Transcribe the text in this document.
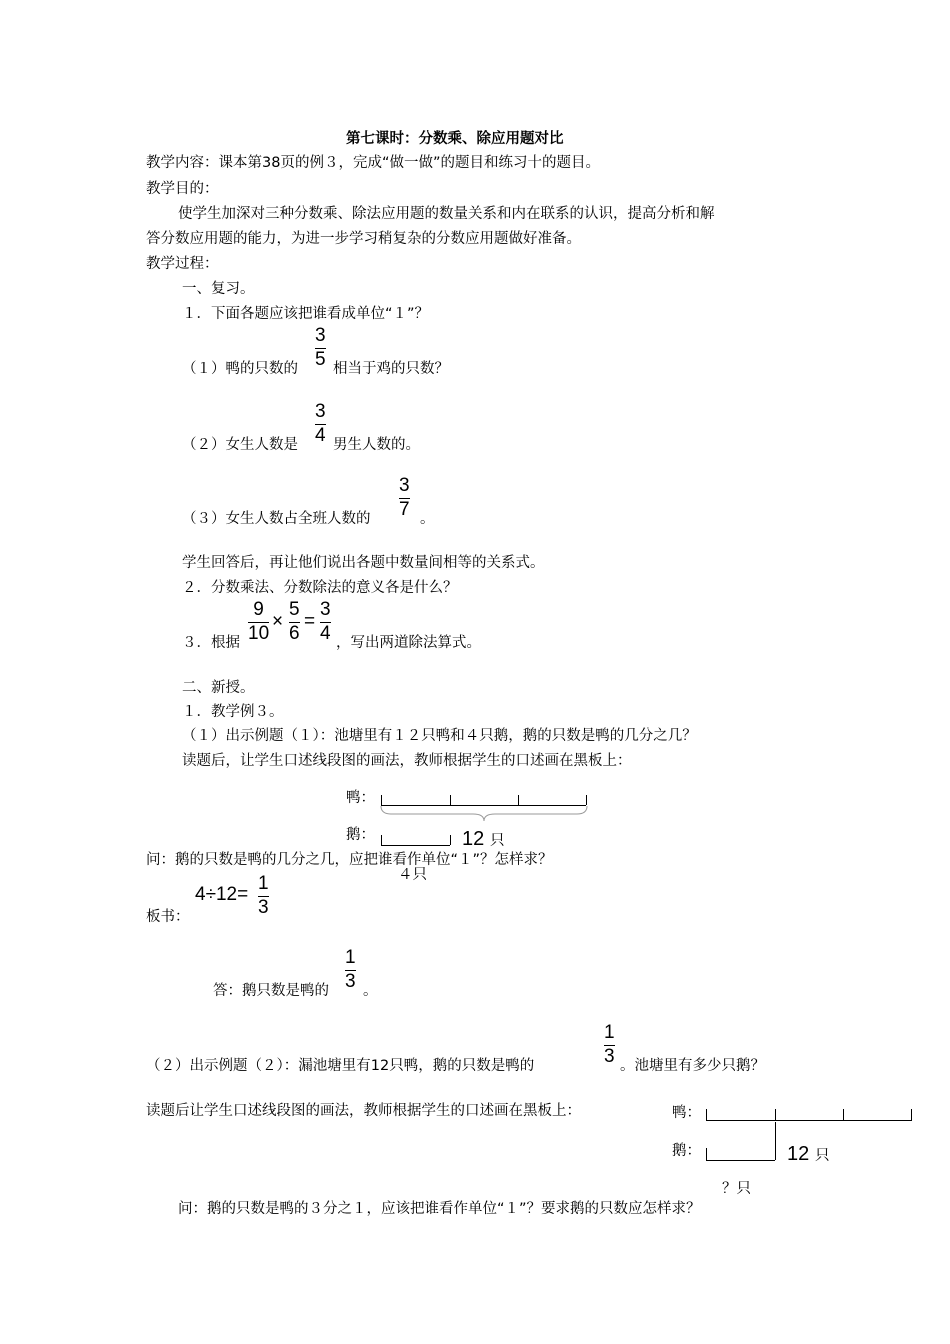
第七课时：分数乘、除应用题对比
教学内容：课本第38页的例３，完成“做一做”的题目和练习十的题目。
教学目的：
使学生加深对三种分数乘、除法应用题的数量关系和内在联系的认识，提高分析和解
答分数应用题的能力，为进一步学习稍复杂的分数应用题做好准备。
教学过程：
一、复习。
１．下面各题应该把谁看成单位“１”？
（１）鸭的只数的
3
5 相当于鸡的只数？
（２）女生人数是
3
4 男生人数的。
（３）女生人数占全班人数的
3
7 。
学生回答后，再让他们说出各题中数量间相等的关系式。
２．分数乘法、分数除法的意义各是什么？
３．根据
9
10
×
5
6
=
3
4 ，写出两道除法算式。
二、新授。
１．教学例３。
（１）出示例题（１）：池塘里有１２只鸭和４只鹅，鹅的只数是鸭的几分之几？
读题后，让学生口述线段图的画法，教师根据学生的口述画在黑板上：
鸭：
12 只
鹅：
４只
问：鹅的只数是鸭的几分之几，应把谁看作单位“１”？怎样求？
板书：
4÷12=
1
3
答：鹅只数是鸭的
1
3 。
（２）出示例题（２）：漏池塘里有12只鸭，鹅的只数是鸭的
1
3 。池塘里有多少只鹅？
读题后让学生口述线段图的画法，教师根据学生的口述画在黑板上：	鸭：
鹅：	12 只
？只
问：鹅的只数是鸭的３分之１，应该把谁看作单位“１”？要求鹅的只数应怎样求？
